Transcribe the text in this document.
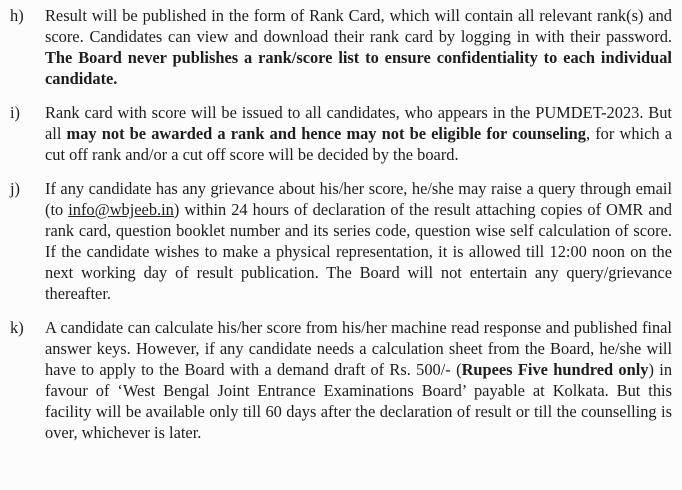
h)	Result will be published in the form of Rank Card, which will contain all relevant rank(s) and score. Candidates can view and download their rank card by logging in with their password. The Board never publishes a rank/score list to ensure confidentiality to each individual candidate.
i)	Rank card with score will be issued to all candidates, who appears in the PUMDET-2023. But all may not be awarded a rank and hence may not be eligible for counseling, for which a cut off rank and/or a cut off score will be decided by the board.
j)	If any candidate has any grievance about his/her score, he/she may raise a query through email (to info@wbjeeb.in) within 24 hours of declaration of the result attaching copies of OMR and rank card, question booklet number and its series code, question wise self calculation of score. If the candidate wishes to make a physical representation, it is allowed till 12:00 noon on the next working day of result publication. The Board will not entertain any query/grievance thereafter.
k)	A candidate can calculate his/her score from his/her machine read response and published final answer keys. However, if any candidate needs a calculation sheet from the Board, he/she will have to apply to the Board with a demand draft of Rs. 500/- (Rupees Five hundred only) in favour of ‘West Bengal Joint Entrance Examinations Board’ payable at Kolkata. But this facility will be available only till 60 days after the declaration of result or till the counselling is over, whichever is later.
